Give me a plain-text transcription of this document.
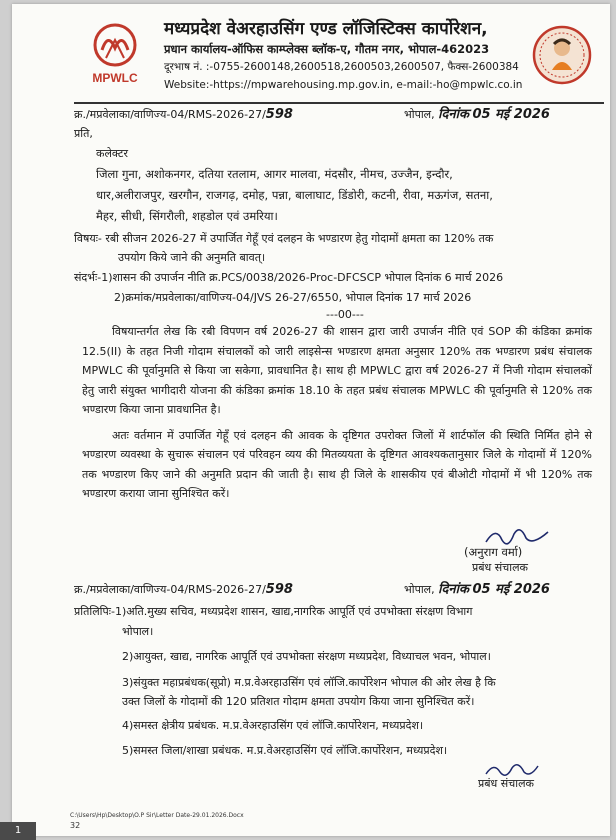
MPWLC
मध्यप्रदेश वेअरहाउसिंग एण्ड लॉजिस्टिक्स कार्पोरेशन,
प्रधान कार्यालय-ऑफिस काम्प्लेक्स ब्लॉक-ए, गौतम नगर, भोपाल-462023
दूरभाष नं. :-0755-2600148,2600518,2600503,2600507, फैक्स-2600384
Website:-https://mpwarehousing.mp.gov.in, e-mail:-ho@mpwlc.co.in
क्र./मप्रवेलाका/वाणिज्य-04/RMS-2026-27/598	भोपाल, दिनांक 05 मई 2026
प्रति,
कलेक्टर
जिला गुना, अशोकनगर, दतिया रतलाम, आगर मालवा, मंदसौर, नीमच, उज्जैन, इन्दौर,
धार,अलीराजपुर, खरगौन, राजगढ़, दमोह, पन्ना, बालाघाट, डिंडोरी, कटनी, रीवा, मऊगंज, सतना,
मैहर, सीधी, सिंगरौली, शहडोल एवं उमरिया।
विषयः- रबी सीजन 2026-27 में उपार्जित गेहूँ एवं दलहन के भण्डारण हेतु गोदामों क्षमता का 120% तक
उपयोग किये जाने की अनुमति बावत्।
संदर्भः-1)शासन की उपार्जन नीति क्र.PCS/0038/2026-Proc-DFCSCP भोपाल दिनांक 6 मार्च 2026
2)क्रमांक/मप्रवेलाका/वाणिज्य-04/JVS 26-27/6550, भोपाल दिनांक 17 मार्च 2026
---00---

विषयान्तर्गत लेख कि रबी विपणन वर्ष 2026-27 की शासन द्वारा जारी उपार्जन नीति एवं SOP की कंडिका क्रमांक 12.5(II) के तहत निजी गोदाम संचालकों को जारी लाइसेन्स भण्डारण क्षमता अनुसार 120% तक भण्डारण प्रबंध संचालक MPWLC की पूर्वानुमति से किया जा सकेगा, प्रावधानित है। साथ ही MPWLC द्वारा वर्ष 2026-27 में निजी गोदाम संचालकों हेतु जारी संयुक्त भागीदारी योजना की कंडिका क्रमांक 18.10 के तहत प्रबंध संचालक MPWLC की पूर्वानुमति से 120% तक भण्डारण किया जाना प्रावधानित है।

अतः वर्तमान में उपार्जित गेहूँ एवं दलहन की आवक के दृष्टिगत उपरोक्त जिलों में शार्टफॉल की स्थिति निर्मित होने से भण्डारण व्यवस्था के सुचारू संचालन एवं परिवहन व्यय की मितव्ययता के दृष्टिगत आवश्यकतानुसार जिले के गोदामों में 120% तक भण्डारण किए जाने की अनुमति प्रदान की जाती है। साथ ही जिले के शासकीय एवं बीओटी गोदामों में भी 120% तक भण्डारण कराया जाना सुनिश्चित करें।

(अनुराग वर्मा)
प्रबंध संचालक
क्र./मप्रवेलाका/वाणिज्य-04/RMS-2026-27/598	भोपाल, दिनांक 05 मई 2026
प्रतिलिपिः-1)अति.मुख्य सचिव, मध्यप्रदेश शासन, खाद्य,नागरिक आपूर्ति एवं उपभोक्ता संरक्षण विभाग
भोपाल।
2)आयुक्त, खाद्य, नागरिक आपूर्ति एवं उपभोक्ता संरक्षण मध्यप्रदेश, विध्याचल भवन, भोपाल।
3)संयुक्त महाप्रबंधक(सूप्रो) म.प्र.वेअरहाउसिंग एवं लॉजि.कार्पोरेशन भोपाल की ओर लेख है कि
उक्त जिलों के गोदामों की 120 प्रतिशत गोदाम क्षमता उपयोग किया जाना सुनिश्चित करें।
4)समस्त क्षेत्रीय प्रबंधक. म.प्र.वेअरहाउसिंग एवं लॉजि.कार्पोरेशन, मध्यप्रदेश।
5)समस्त जिला/शाखा प्रबंधक. म.प्र.वेअरहाउसिंग एवं लॉजि.कार्पोरेशन, मध्यप्रदेश।
प्रबंध संचालक
C:\Users\Hp\Desktop\O.P Sir\Letter Date-29.01.2026.Docx
32
1
